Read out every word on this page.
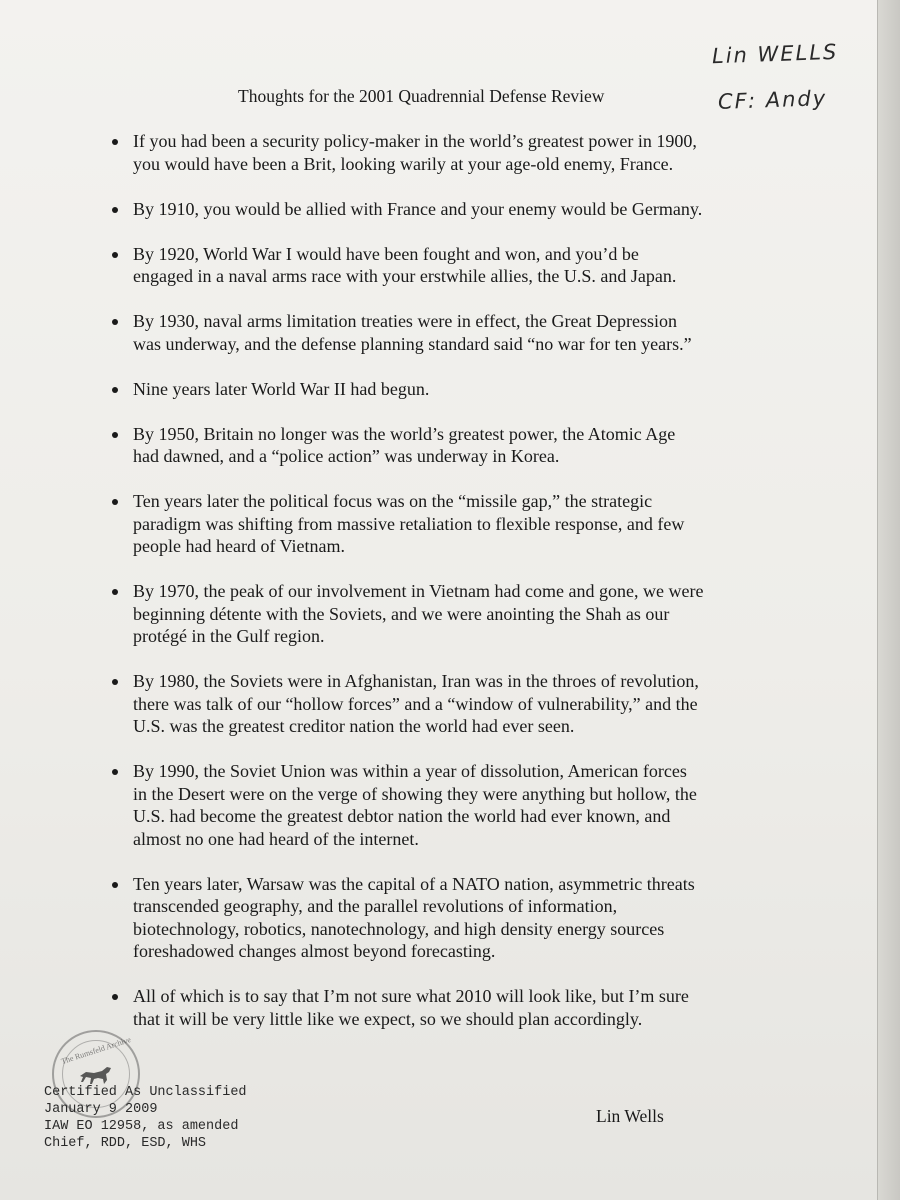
Lin WELLS
CF: Andy
Thoughts for the 2001 Quadrennial Defense Review
If you had been a security policy-maker in the world’s greatest power in 1900,
you would have been a Brit, looking warily at your age-old enemy, France.
By 1910, you would be allied with France and your enemy would be Germany.
By 1920, World War I would have been fought and won, and you’d be
engaged in a naval arms race with your erstwhile allies, the U.S. and Japan.
By 1930, naval arms limitation treaties were in effect, the Great Depression
was underway, and the defense planning standard said “no war for ten years.”
Nine years later World War II had begun.
By 1950, Britain no longer was the world’s greatest power, the Atomic Age
had dawned, and a “police action” was underway in Korea.
Ten years later the political focus was on the “missile gap,” the strategic
paradigm was shifting from massive retaliation to flexible response, and few
people had heard of Vietnam.
By 1970, the peak of our involvement in Vietnam had come and gone, we were
beginning détente with the Soviets, and we were anointing the Shah as our
protégé in the Gulf region.
By 1980, the Soviets were in Afghanistan, Iran was in the throes of revolution,
there was talk of our “hollow forces” and a “window of vulnerability,” and the
U.S. was the greatest creditor nation the world had ever seen.
By 1990, the Soviet Union was within a year of dissolution, American forces
in the Desert were on the verge of showing they were anything but hollow, the
U.S. had become the greatest debtor nation the world had ever known, and
almost no one had heard of the internet.
Ten years later, Warsaw was the capital of a NATO nation, asymmetric threats
transcended geography, and the parallel revolutions of information,
biotechnology, robotics, nanotechnology, and high density energy sources
foreshadowed changes almost beyond forecasting.
All of which is to say that I’m not sure what 2010 will look like, but I’m sure
that it will be very little like we expect, so we should plan accordingly.
The Rumsfeld Archive
Certified As Unclassified
January 9 2009
IAW EO 12958, as amended
Chief, RDD, ESD, WHS
Lin Wells
